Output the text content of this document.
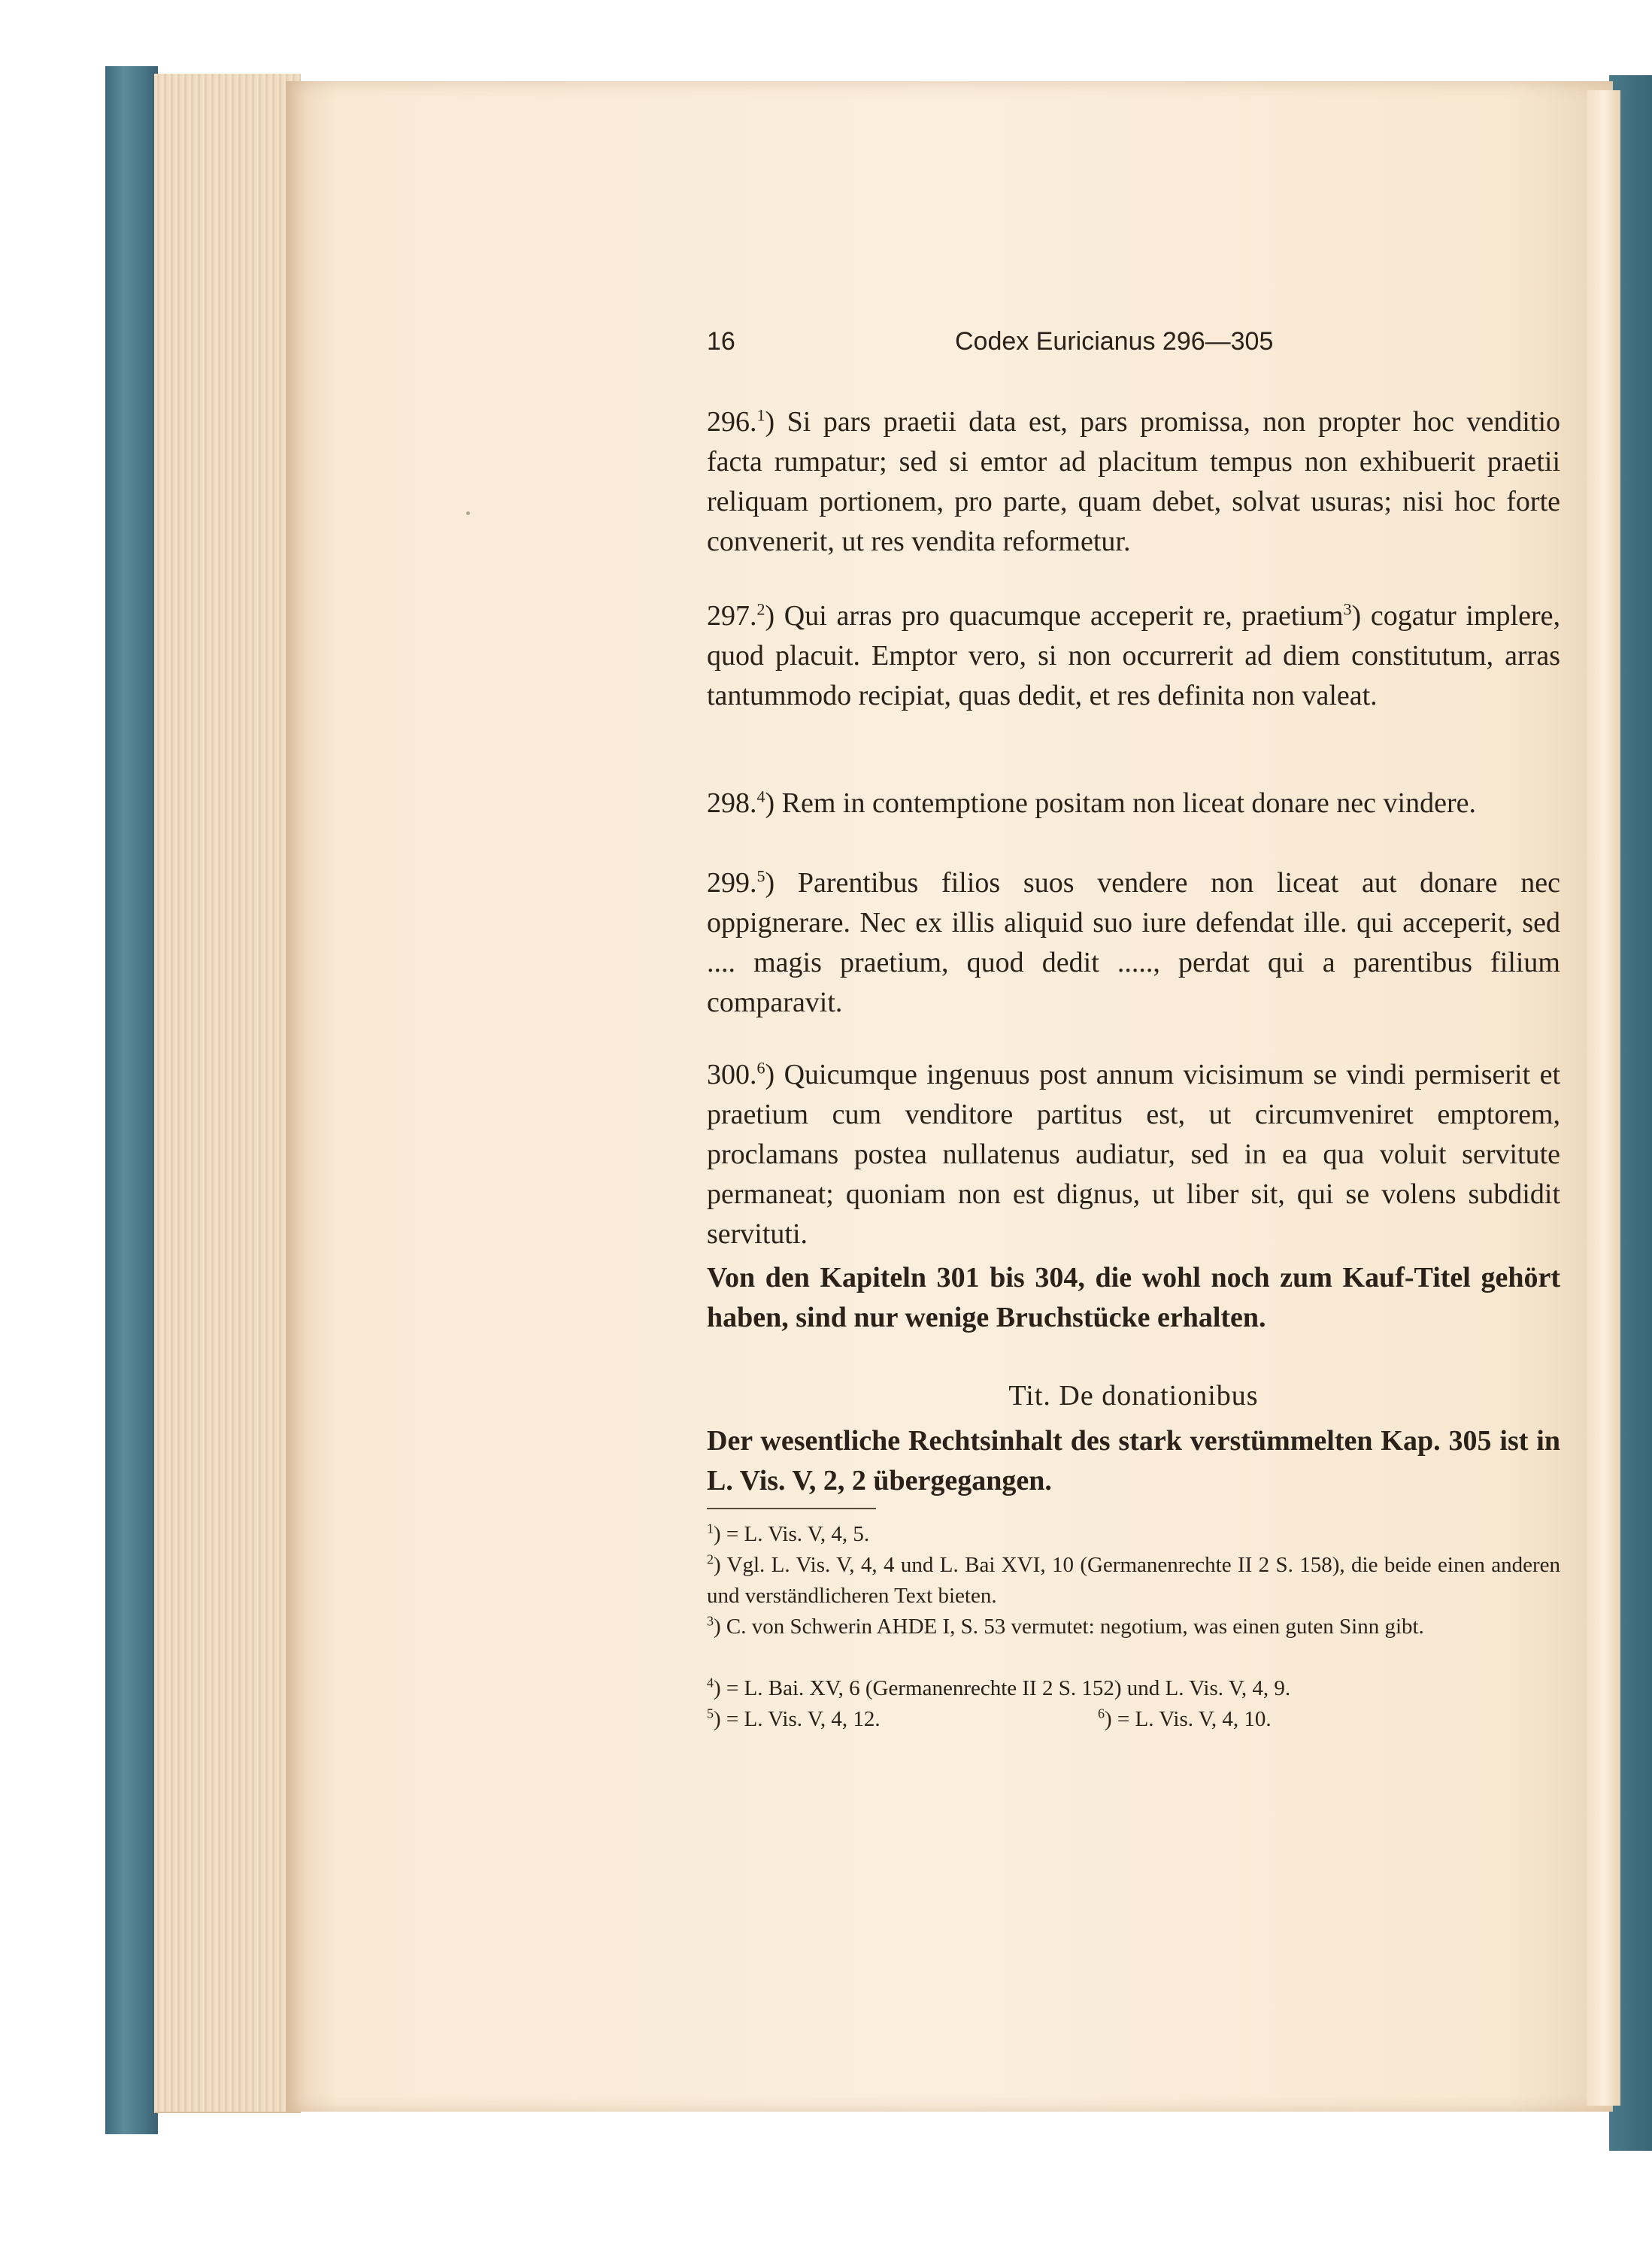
16	Codex Euricianus 296—305
296.$^1$) Si pars praetii data est, pars promissa, non propter hoc venditio facta rumpatur; sed si emtor ad placitum tempus non exhibuerit praetii reliquam portionem, pro parte, quam debet, solvat usuras; nisi hoc forte convenerit, ut res vendita reformetur.
297.$^2$) Qui arras pro quacumque acceperit re, praetium$^3$) cogatur implere, quod placuit. Emptor vero, si non occurrerit ad diem constitutum, arras tantummodo recipiat, quas dedit, et res definita non valeat.
298.$^4$) Rem in contemptione positam non liceat donare nec vindere.
299.$^5$) Parentibus filios suos vendere non liceat aut donare nec oppignerare. Nec ex illis aliquid suo iure defendat ille. qui acceperit, sed .... magis praetium, quod dedit ....., perdat qui a parentibus filium comparavit.
300.$^6$) Quicumque ingenuus post annum vicisimum se vindi permiserit et praetium cum venditore partitus est, ut circumveniret emptorem, proclamans postea nullatenus audiatur, sed in ea qua voluit servitute permaneat; quoniam non est dignus, ut liber sit, qui se volens subdidit servituti.
Von den Kapiteln 301 bis 304, die wohl noch zum Kauf-Titel gehört haben, sind nur wenige Bruchstücke erhalten.
Tit. De donationibus
Der wesentliche Rechtsinhalt des stark verstümmelten Kap. 305 ist in L. Vis. V, 2, 2 übergegangen.
$^1$) = L. Vis. V, 4, 5.
$^2$) Vgl. L. Vis. V, 4, 4 und L. Bai XVI, 10 (Germanenrechte II 2 S. 158), die beide einen anderen und verständlicheren Text bieten.
$^3$) C. von Schwerin AHDE I, S. 53 vermutet: negotium, was einen guten Sinn gibt.
$^4$) = L. Bai. XV, 6 (Germanenrechte II 2 S. 152) und L. Vis. V, 4, 9.
$^5$) = L. Vis. V, 4, 12.	$^6$) = L. Vis. V, 4, 10.
